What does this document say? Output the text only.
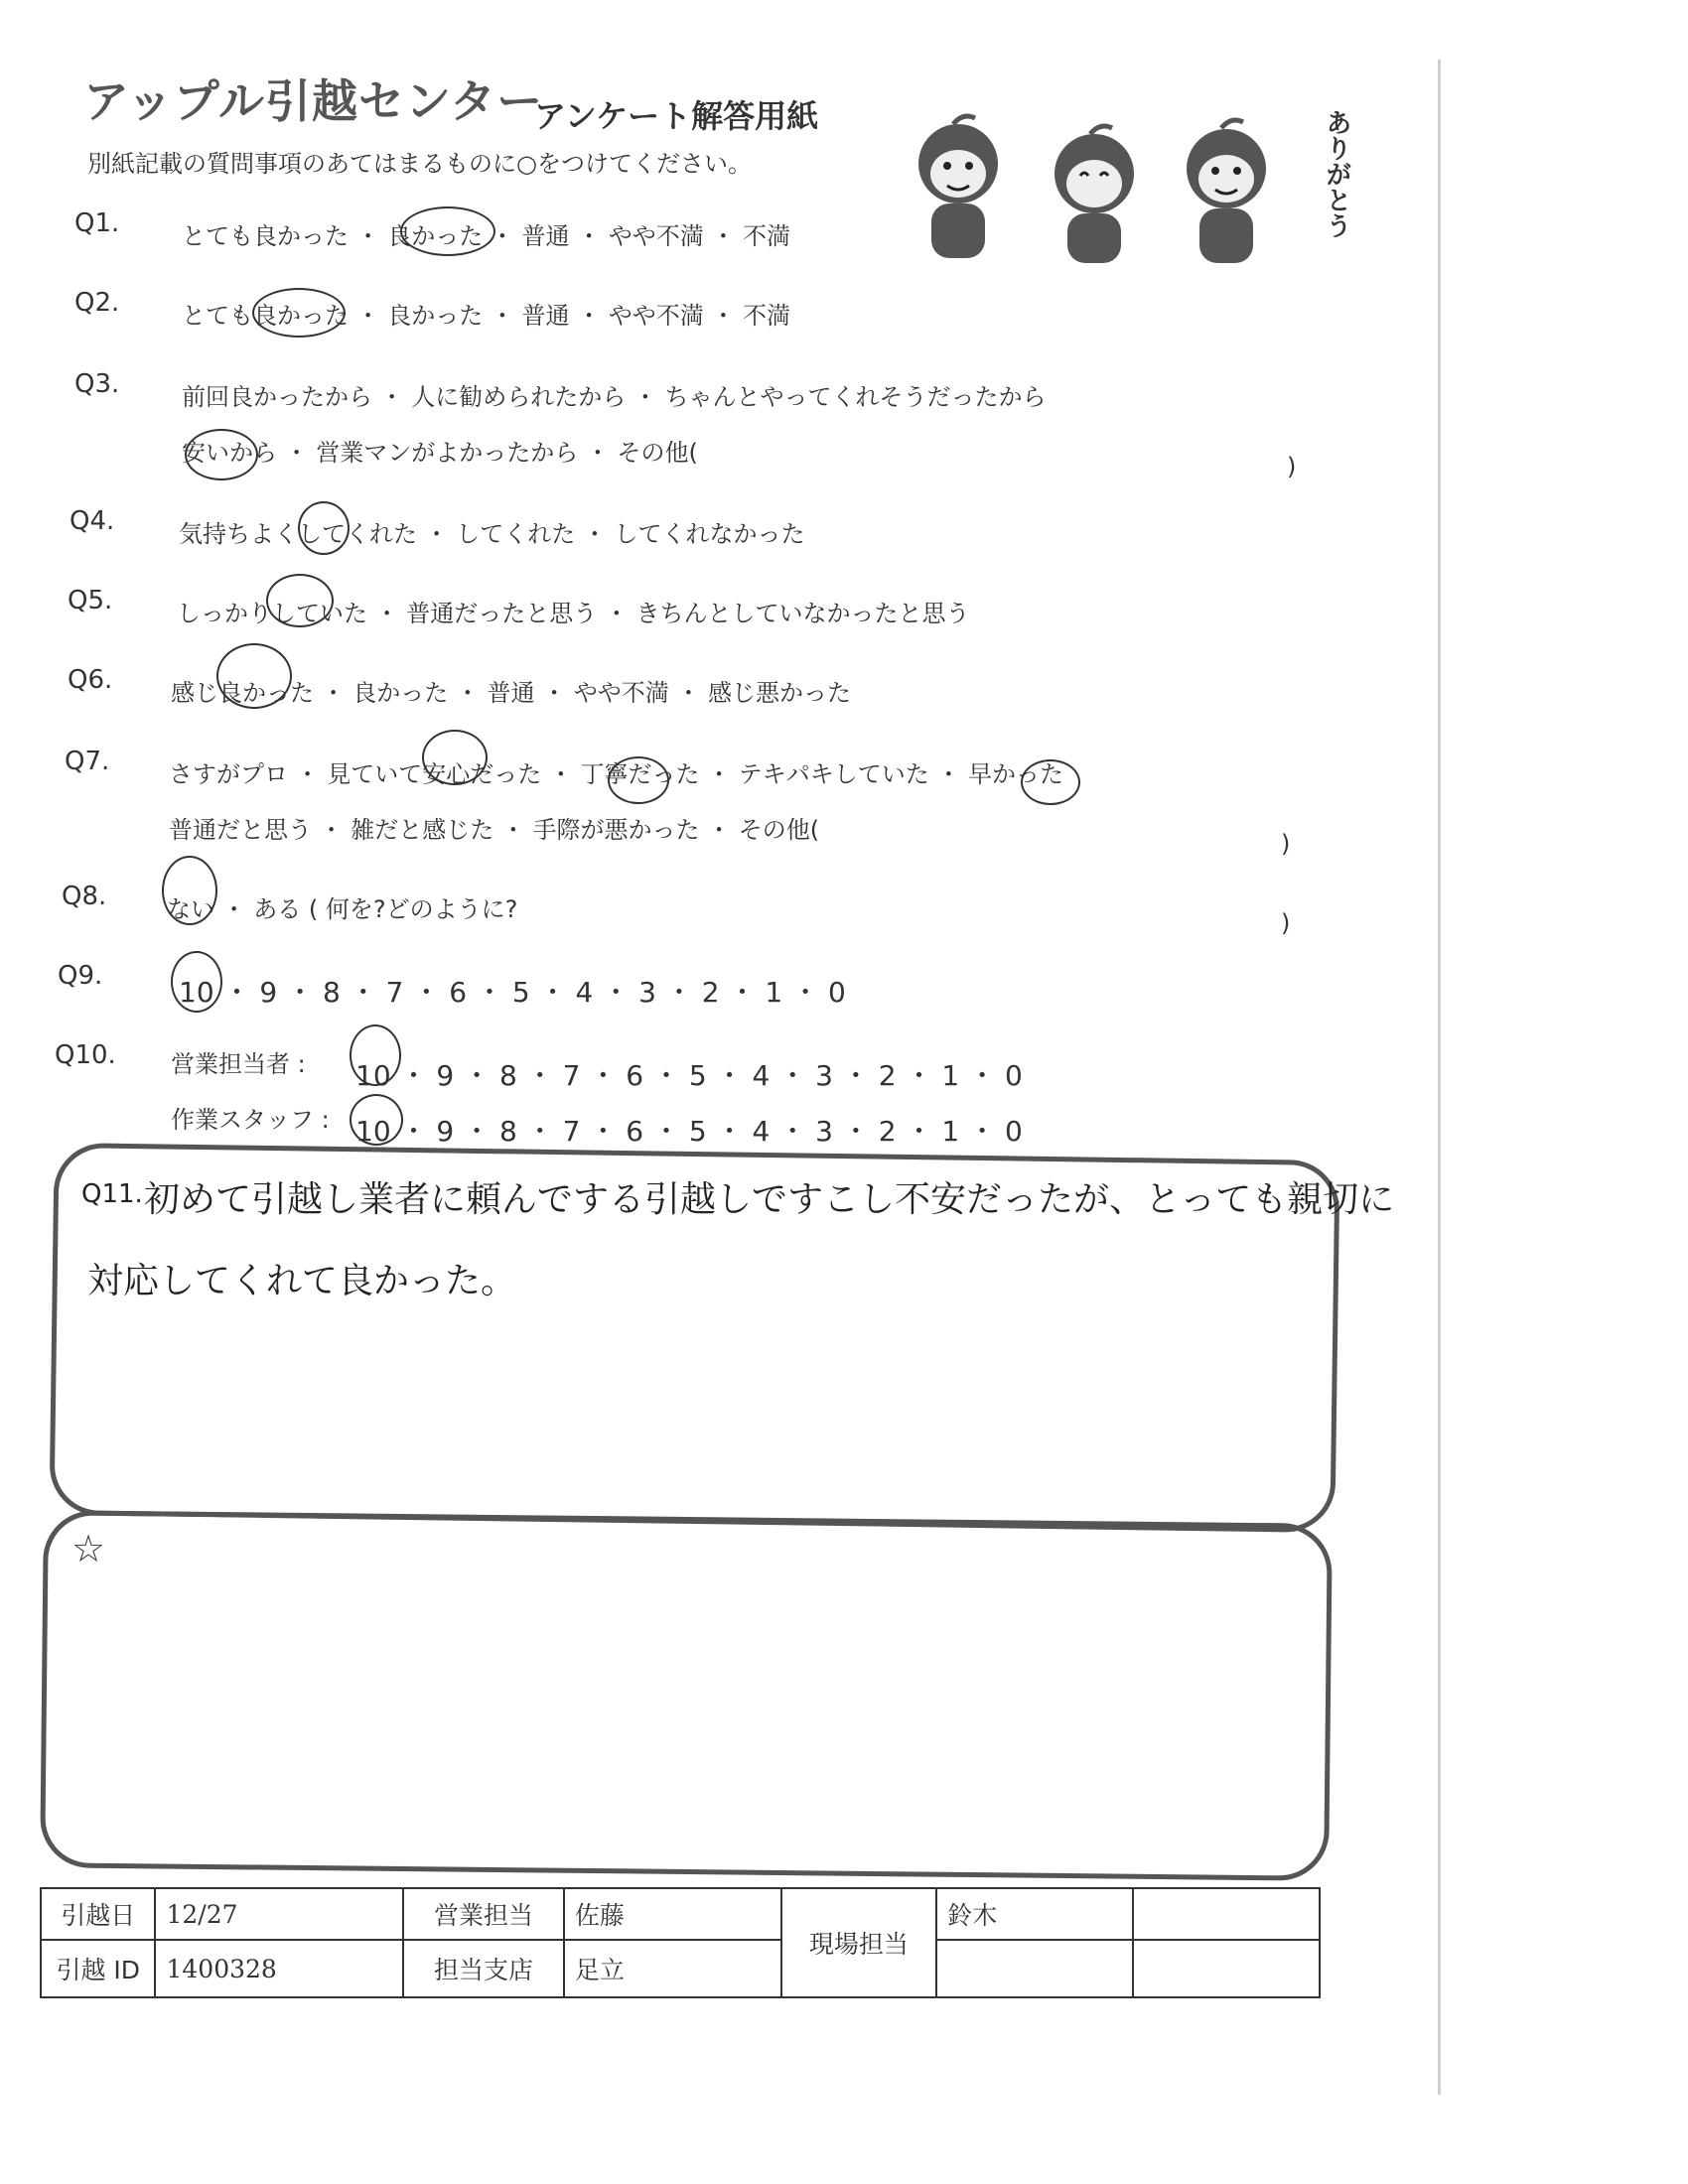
アップル引越センター
アンケート解答用紙
別紙記載の質問事項のあてはまるものに○をつけてください。	ありがとう
Q1.	とても良かった ・ 良かった ・ 普通 ・ やや不満 ・ 不満
Q2.	とても良かった ・ 良かった ・ 普通 ・ やや不満 ・ 不満
Q3.	前回良かったから ・ 人に勧められたから ・ ちゃんとやってくれそうだったから
安いから ・ 営業マンがよかったから ・ その他(	)
Q4.	気持ちよくしてくれた ・ してくれた ・ してくれなかった
Q5.	しっかりしていた ・ 普通だったと思う ・ きちんとしていなかったと思う
Q6. 感じ良かった ・ 良かった ・ 普通 ・ やや不満 ・ 感じ悪かった
Q7. さすがプロ ・ 見ていて安心だった ・ 丁寧だった ・ テキパキしていた ・ 早かった
普通だと思う ・ 雑だと感じた ・ 手際が悪かった ・ その他(	)
Q8.	ない ・ ある ( 何を?どのように?	)
Q9.	10 ・ 9 ・ 8 ・ 7 ・ 6 ・ 5 ・ 4 ・ 3 ・ 2 ・ 1 ・ 0
Q10. 営業担当者 : 10 ・ 9 ・ 8 ・ 7 ・ 6 ・ 5 ・ 4 ・ 3 ・ 2 ・ 1 ・ 0
作業スタッフ : 10 ・ 9 ・ 8 ・ 7 ・ 6 ・ 5 ・ 4 ・ 3 ・ 2 ・ 1 ・ 0
Q11. 初めて引越し業者に頼んでする引越しですこし不安だったが、とっても親切に
対応してくれて良かった。
☆
引越日	12/27	営業担当	佐藤	現場担当	鈴木	
引越 ID	1400328	担当支店	足立			
